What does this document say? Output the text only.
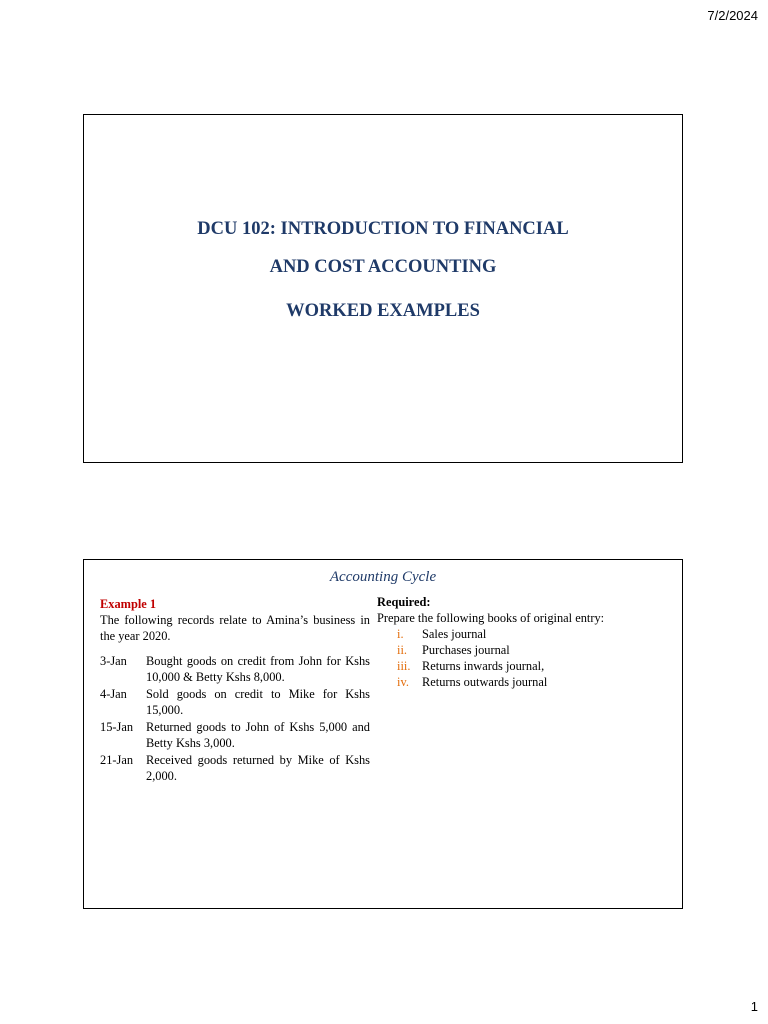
7/2/2024
DCU 102: INTRODUCTION TO FINANCIAL
AND COST ACCOUNTING
WORKED EXAMPLES
Accounting Cycle
Example 1
The following records relate to Amina’s business in the year 2020.
3-Jan	Bought goods on credit from John for Kshs 10,000 & Betty Kshs 8,000.
4-Jan	Sold goods on credit to Mike for Kshs 15,000.
15-Jan	Returned goods to John of Kshs 5,000 and Betty Kshs 3,000.
21-Jan	Received goods returned by Mike of Kshs 2,000.
Required:
Prepare the following books of original entry:
i.	Sales journal
ii.	Purchases journal
iii. Returns inwards journal,
iv.	Returns outwards journal
1
